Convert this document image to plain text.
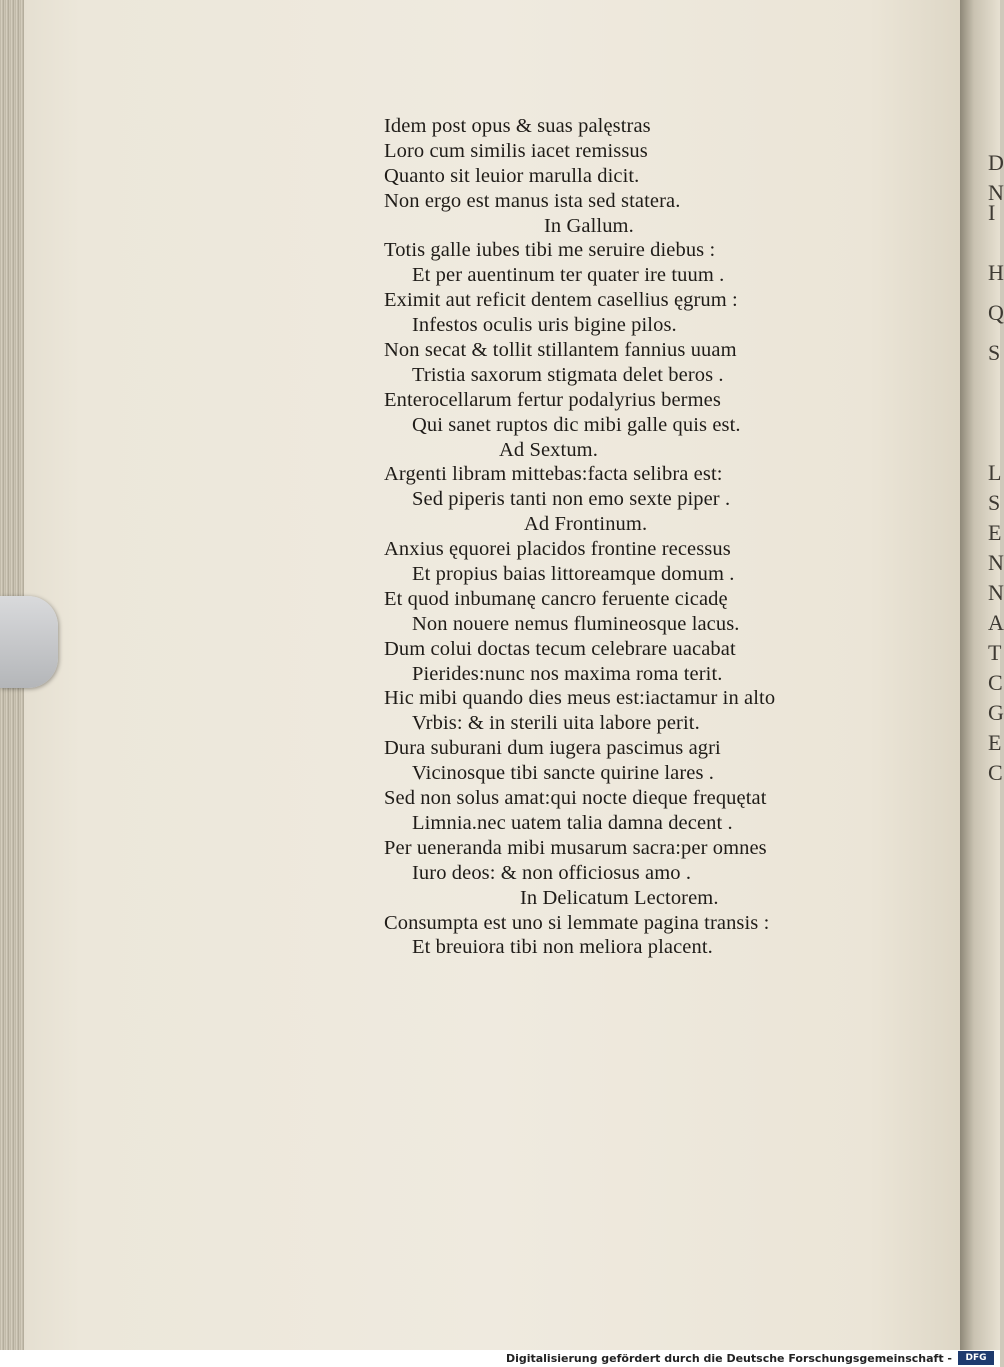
D
N
I
H
Q
S
L
S
E
N
N
A
T
C
G
E
C
Idem post opus & suas palęstras
Loro cum similis iacet remissus
Quanto sit leuior marulla dicit.
Non ergo est manus ista sed statera.
In Gallum.
Totis galle iubes tibi me seruire diebus :
Et per auentinum ter quater ire tuum .
Eximit aut reficit dentem casellius ęgrum :
Infestos oculis uris bigine pilos.
Non secat & tollit stillantem fannius uuam
Tristia saxorum stigmata delet beros .
Enterocellarum fertur podalyrius bermes
Qui sanet ruptos dic mibi galle quis est.
Ad Sextum.
Argenti libram mittebas:facta selibra est:
Sed piperis tanti non emo sexte piper .
Ad Frontinum.
Anxius ęquorei placidos frontine recessus
Et propius baias littoreamque domum .
Et quod inbumanę cancro feruente cicadę
Non nouere nemus flumineosque lacus.
Dum colui doctas tecum celebrare uacabat
Pierides:nunc nos maxima roma terit.
Hic mibi quando dies meus est:iactamur in alto
Vrbis: & in sterili uita labore perit.
Dura suburani dum iugera pascimus agri
Vicinosque tibi sancte quirine lares .
Sed non solus amat:qui nocte dieque frequętat
Limnia.nec uatem talia damna decent .
Per ueneranda mibi musarum sacra:per omnes
Iuro deos: & non officiosus amo .
In Delicatum Lectorem.
Consumpta est uno si lemmate pagina transis :
Et breuiora tibi non meliora placent.
Digitalisierung gefördert durch die Deutsche Forschungsgemeinschaft -	DFG
